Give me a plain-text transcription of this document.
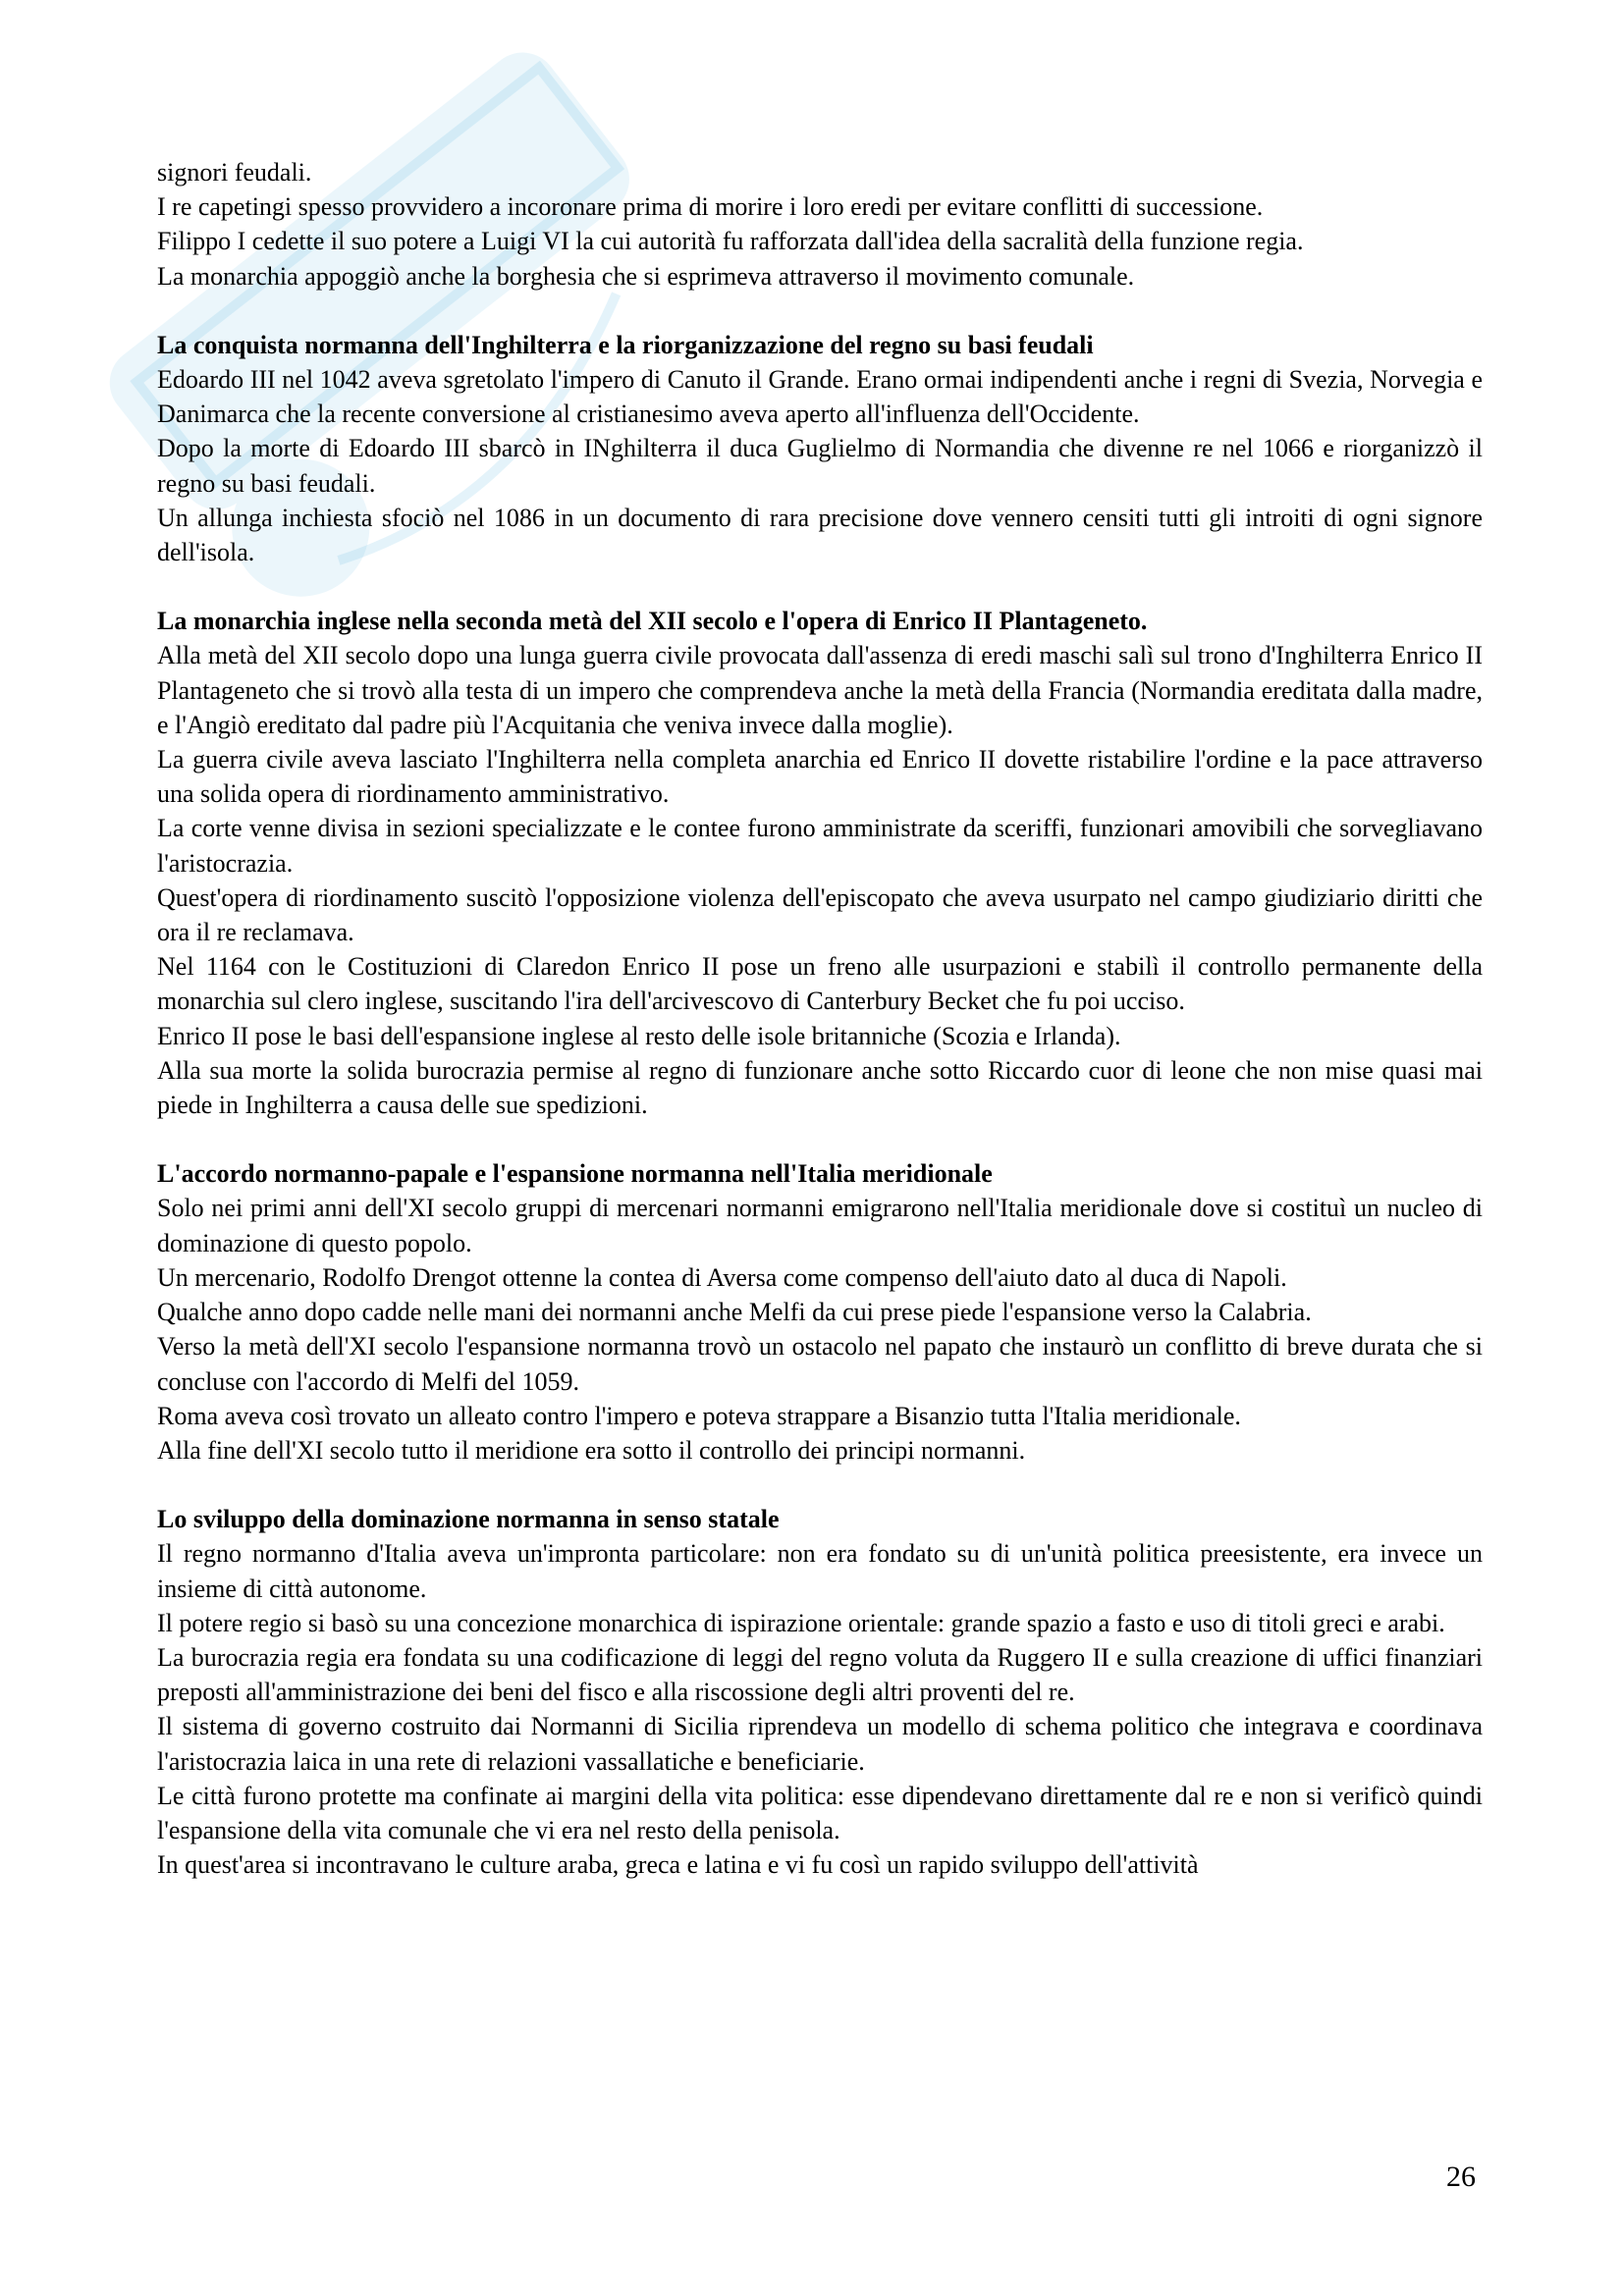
signori feudali.

I re capetingi spesso provvidero a incoronare prima di morire i loro eredi per evitare conflitti di successione.

Filippo I cedette il suo potere a Luigi VI la cui autorità fu rafforzata dall'idea della sacralità della funzione regia.

La monarchia appoggiò anche la borghesia che si esprimeva attraverso il movimento comunale.

La conquista normanna dell'Inghilterra e la riorganizzazione del regno su basi feudali

Edoardo III nel 1042 aveva sgretolato l'impero di Canuto il Grande. Erano ormai indipendenti anche i regni di Svezia, Norvegia e Danimarca che la recente conversione al cristianesimo aveva aperto all'influenza dell'Occidente.

Dopo la morte di Edoardo III sbarcò in INghilterra il duca Guglielmo di Normandia che divenne re nel 1066 e riorganizzò il regno su basi feudali.

Un allunga inchiesta sfociò nel 1086 in un documento di rara precisione dove vennero censiti tutti gli introiti di ogni signore dell'isola.

La monarchia inglese nella seconda metà del XII secolo e l'opera di Enrico II Plantageneto.

Alla metà del XII secolo dopo una lunga guerra civile provocata dall'assenza di eredi maschi salì sul trono d'Inghilterra Enrico II Plantageneto che si trovò alla testa di un impero che comprendeva anche la metà della Francia (Normandia ereditata dalla madre, e l'Angiò ereditato dal padre più l'Acquitania che veniva invece dalla moglie).

La guerra civile aveva lasciato l'Inghilterra nella completa anarchia ed Enrico II dovette ristabilire l'ordine e la pace attraverso una solida opera di riordinamento amministrativo.

La corte venne divisa in sezioni specializzate e le contee furono amministrate da sceriffi, funzionari amovibili che sorvegliavano l'aristocrazia.

Quest'opera di riordinamento suscitò l'opposizione violenza dell'episcopato che aveva usurpato nel campo giudiziario diritti che ora il re reclamava.

Nel 1164 con le Costituzioni di Claredon Enrico II pose un freno alle usurpazioni e stabilì il controllo permanente della monarchia sul clero inglese, suscitando l'ira dell'arcivescovo di Canterbury Becket che fu poi ucciso.

Enrico II pose le basi dell'espansione inglese al resto delle isole britanniche (Scozia e Irlanda).

Alla sua morte la solida burocrazia permise al regno di funzionare anche sotto Riccardo cuor di leone che non mise quasi mai piede in Inghilterra a causa delle sue spedizioni.

L'accordo normanno-papale e l'espansione normanna nell'Italia meridionale

Solo nei primi anni dell'XI secolo gruppi di mercenari normanni emigrarono nell'Italia meridionale dove si costituì un nucleo di dominazione di questo popolo.

Un mercenario, Rodolfo Drengot ottenne la contea di Aversa come compenso dell'aiuto dato al duca di Napoli.

Qualche anno dopo cadde nelle mani dei normanni anche Melfi da cui prese piede l'espansione verso la Calabria.

Verso la metà dell'XI secolo l'espansione normanna trovò un ostacolo nel papato che instaurò un conflitto di breve durata che si concluse con l'accordo di Melfi del 1059.

Roma aveva così trovato un alleato contro l'impero e poteva strappare a Bisanzio tutta l'Italia meridionale.

Alla fine dell'XI secolo tutto il meridione era sotto il controllo dei principi normanni.

Lo sviluppo della dominazione normanna in senso statale

Il regno normanno d'Italia aveva un'impronta particolare: non era fondato su di un'unità politica preesistente, era invece un insieme di città autonome.

Il potere regio si basò su una concezione monarchica di ispirazione orientale: grande spazio a fasto e uso di titoli greci e arabi.

La burocrazia regia era fondata su una codificazione di leggi del regno voluta da Ruggero II e sulla creazione di uffici finanziari preposti all'amministrazione dei beni del fisco e alla riscossione degli altri proventi del re.

Il sistema di governo costruito dai Normanni di Sicilia riprendeva un modello di schema politico che integrava e coordinava l'aristocrazia laica in una rete di relazioni vassallatiche e beneficiarie.

Le città furono protette ma confinate ai margini della vita politica: esse dipendevano direttamente dal re e non si verificò quindi l'espansione della vita comunale che vi era nel resto della penisola.

In quest'area si incontravano le culture araba, greca e latina e vi fu così un rapido sviluppo dell'attività

26
